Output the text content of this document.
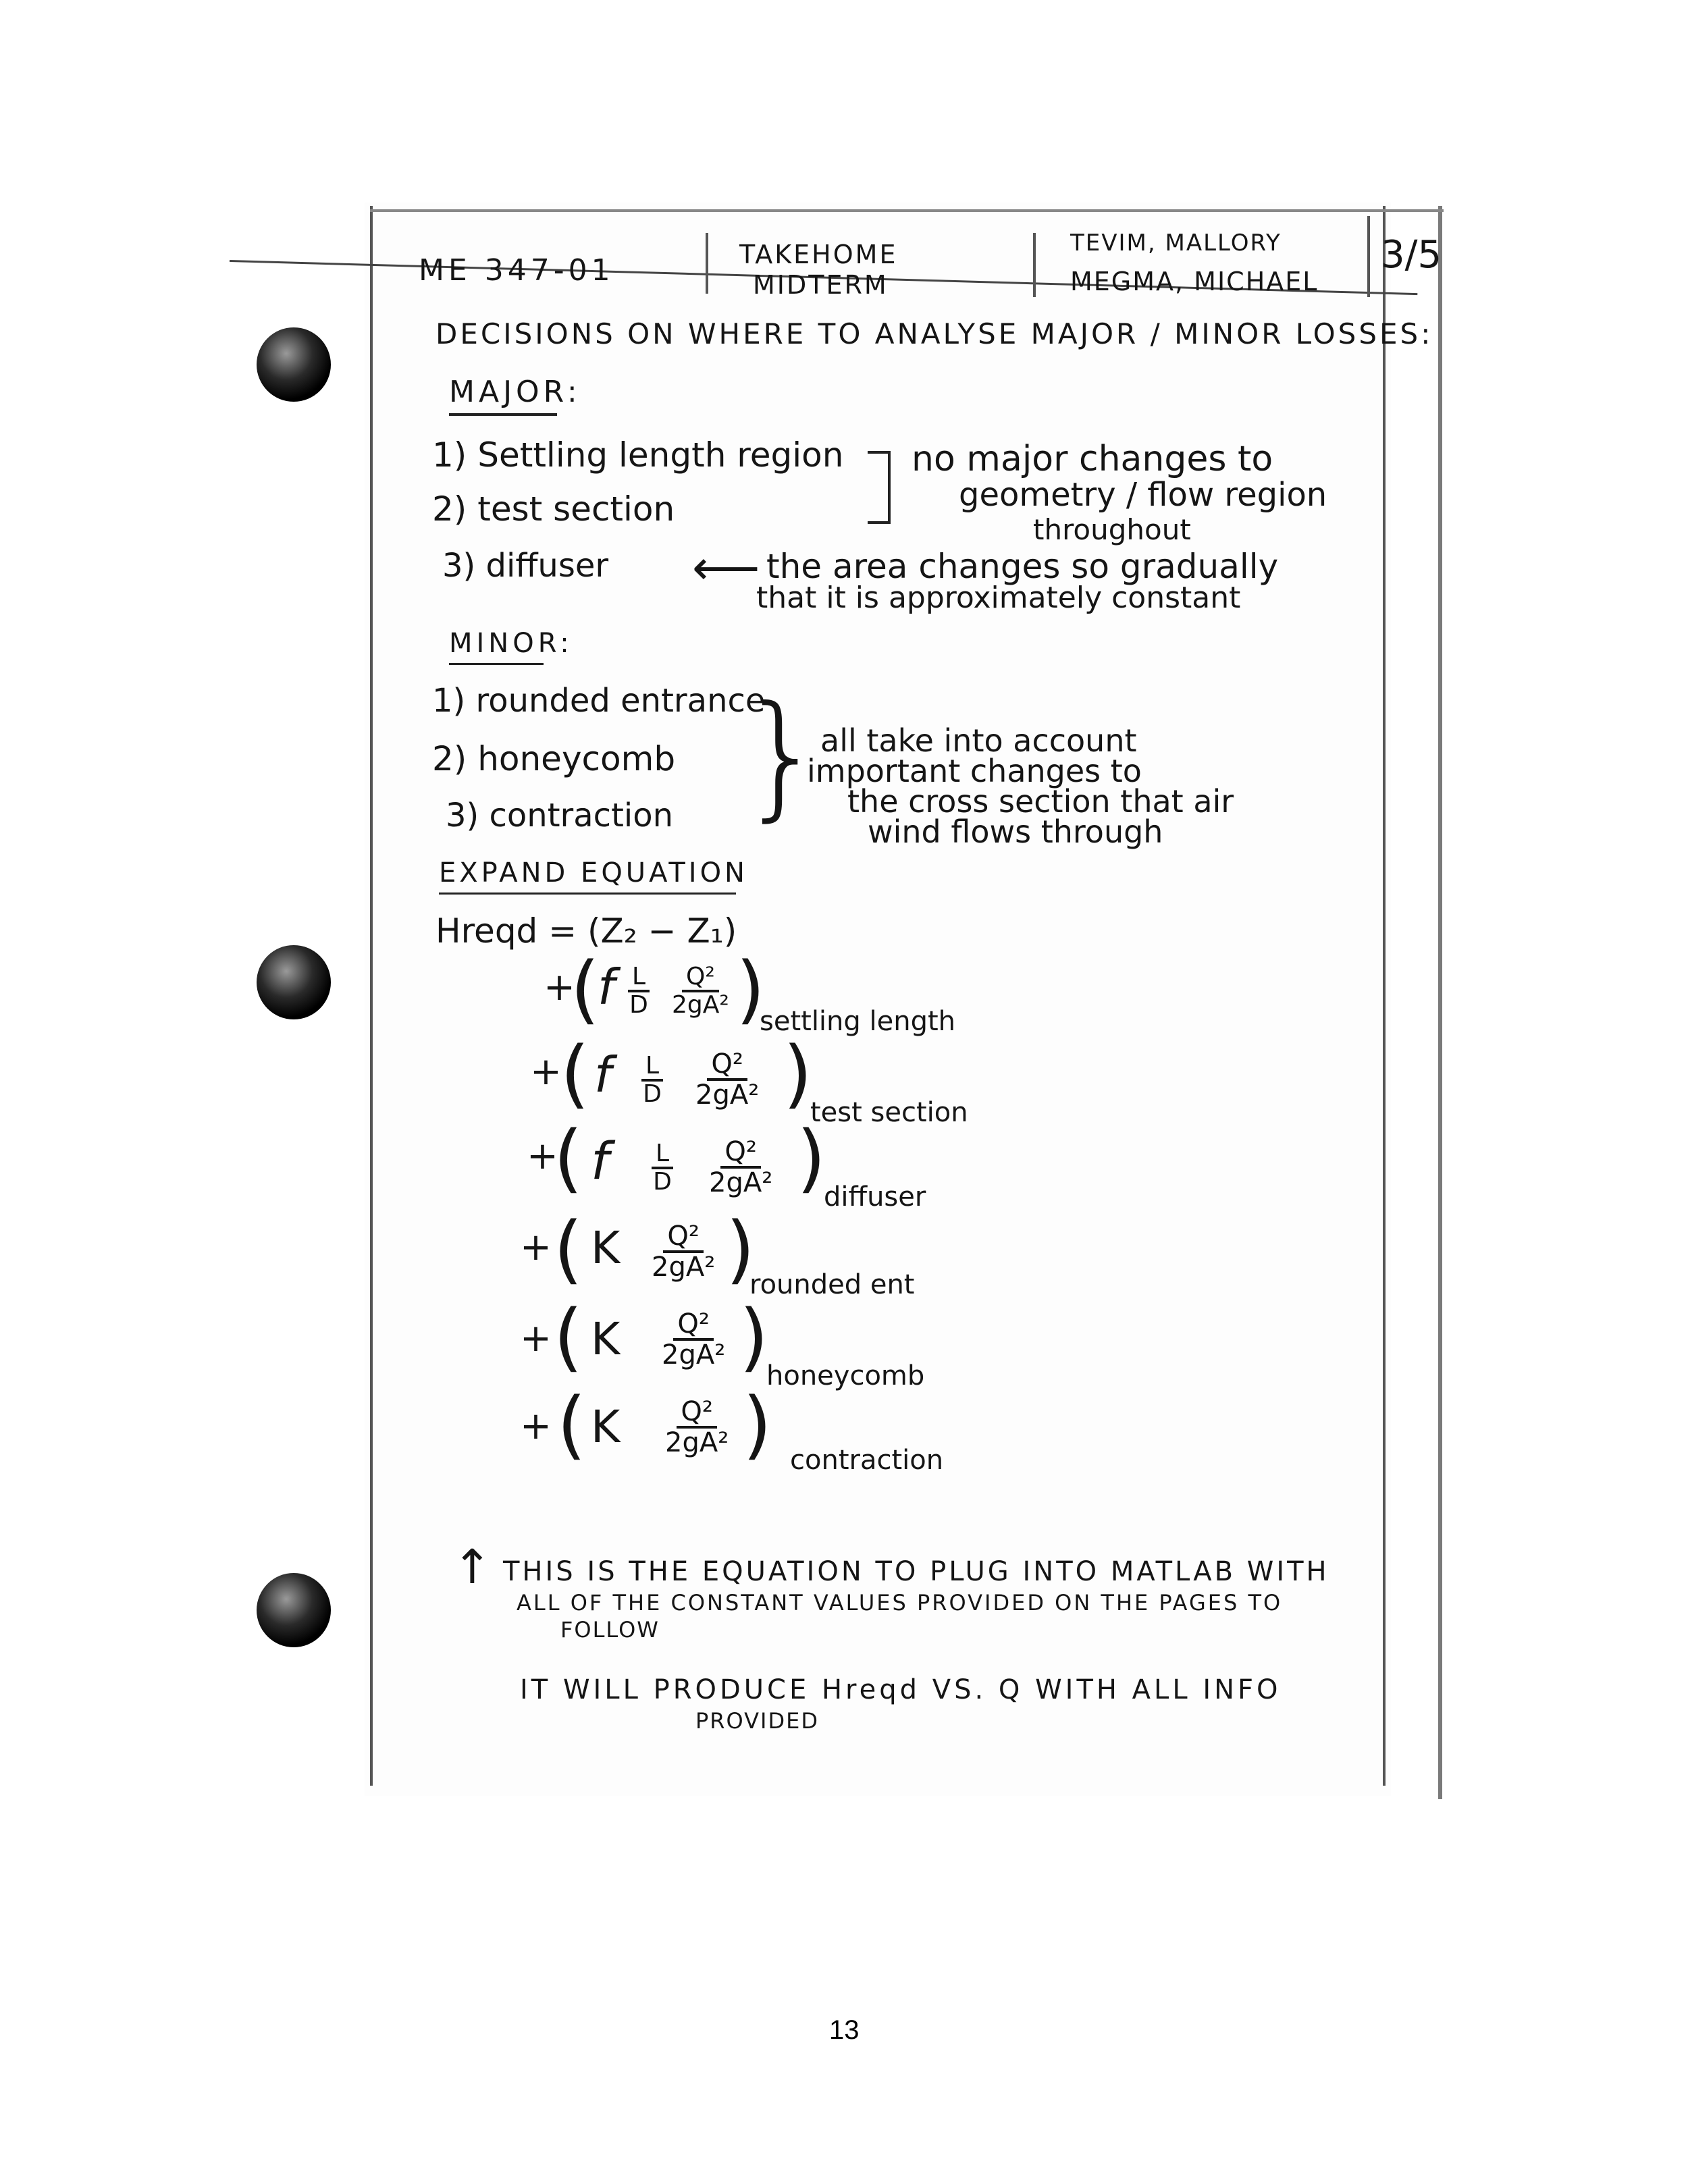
ME 347-01	TAKEHOME
MIDTERM
TEVIM, MALLORY
MEGMA, MICHAEL
3/5
DECISIONS ON WHERE TO ANALYSE MAJOR / MINOR LOSSES:
MAJOR:
1) Settling length region
2) test section
3) diffuser
no major changes to
geometry / flow region
throughout
⟵ the area changes so gradually
that it is approximately constant
MINOR:
1) rounded entrance
2) honeycomb
3) contraction }
all take into account
important changes to
the cross section that air
wind flows through
EXPAND EQUATION
Hreqd = (Z₂ − Z₁)
+
(
f $\frac{L}{D} \frac{\text{Q²}}{\text{2gA²}}$ )
settling length
+
( f $\frac{L}{D} \frac{\text{Q²}}{\text{2gA²}}$ )
test section
+
( f $\frac{L}{D} \frac{\text{Q²}}{\text{2gA²}}$ )
diffuser
+ ( K $\frac{\text{Q²}}{\text{2gA²}}$ )
rounded ent
+ ( K $\frac{\text{Q²}}{\text{2gA²}}$ )
honeycomb
+ ( K $\frac{\text{Q²}}{\text{2gA²}}$ ) contraction
↑ THIS IS THE EQUATION TO PLUG INTO MATLAB WITH
ALL OF THE CONSTANT VALUES PROVIDED ON THE PAGES TO
FOLLOW
IT WILL PRODUCE Hreqd VS. Q WITH ALL INFO
PROVIDED
13
